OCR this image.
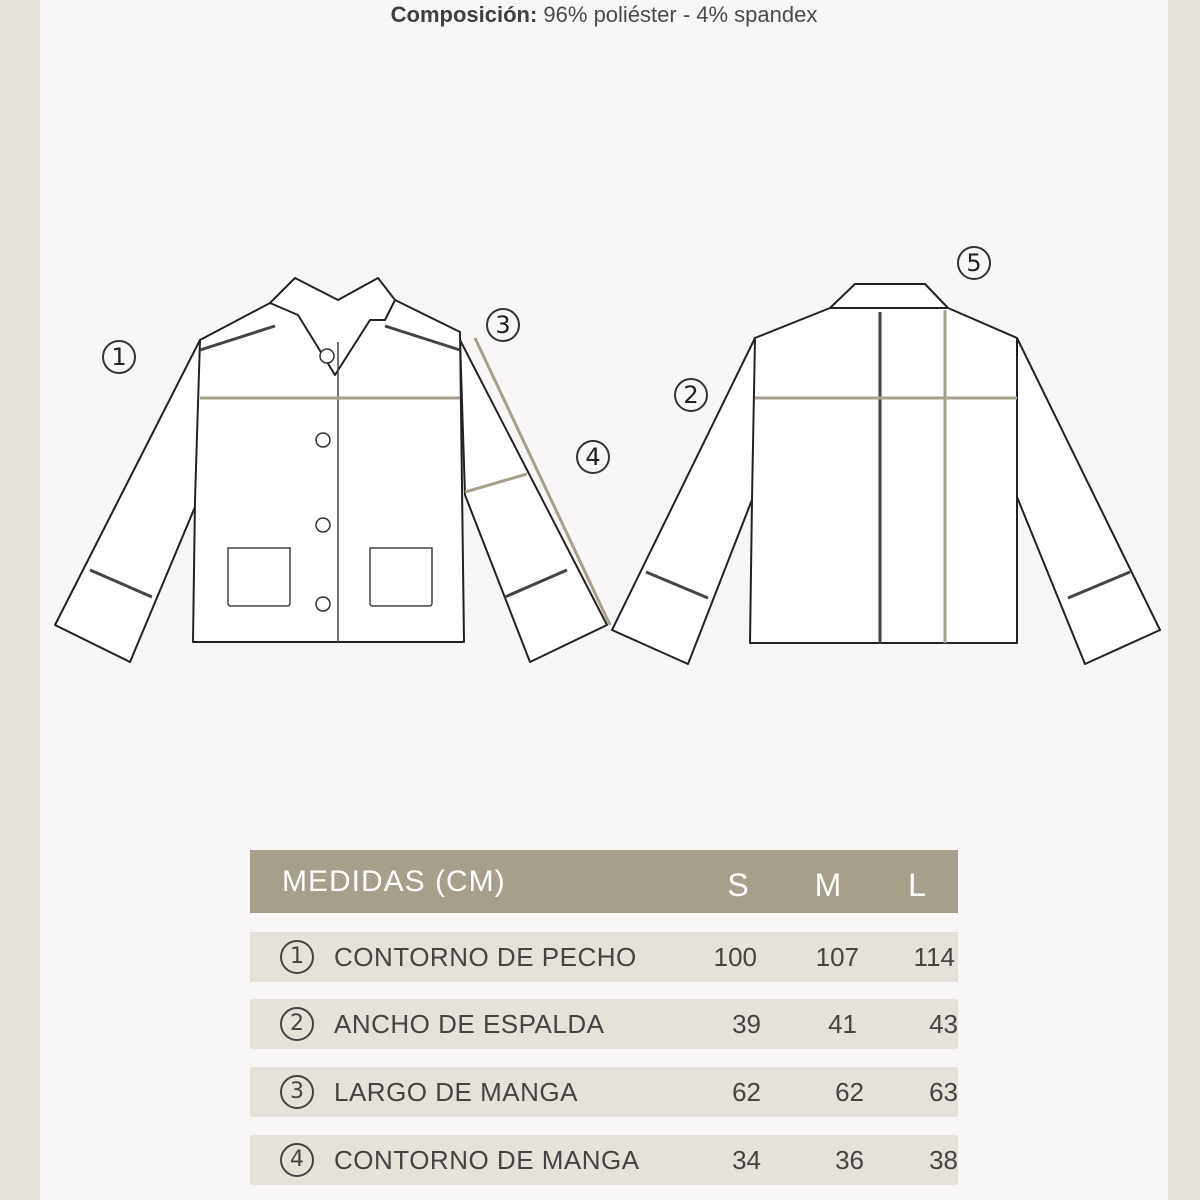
Composición: 96% poliéster - 4% spandex
1
3
4
2
5
MEDIDAS (CM)	S	M	L
1	CONTORNO DE PECHO	100	107	114
2	ANCHO DE ESPALDA	39	41	43
3	LARGO DE MANGA	62	62	63
4	CONTORNO DE MANGA	34	36	38
